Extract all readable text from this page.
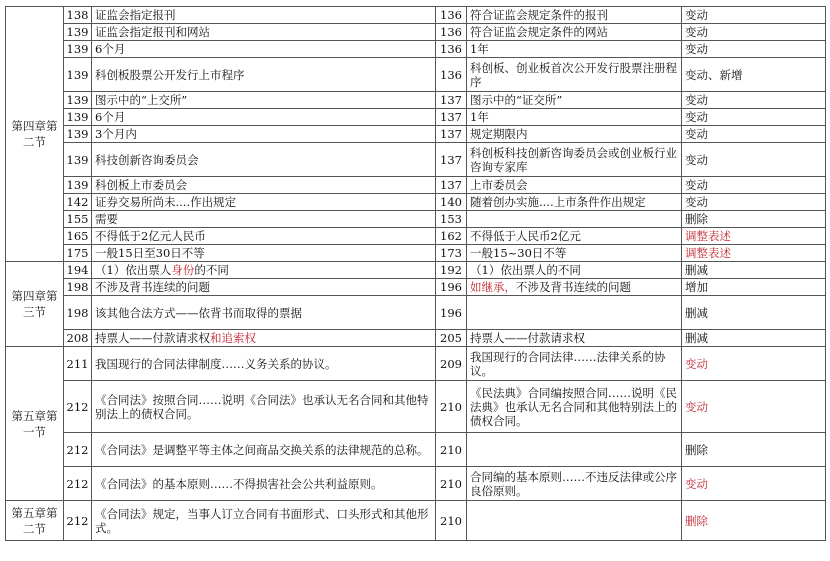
第四章第二节	138	证监会指定报刊	136	符合证监会规定条件的报刊	变动
	139	证监会指定报刊和网站	136	符合证监会规定条件的网站	变动
	139	6个月	136	1年	变动
	139	科创板股票公开发行上市程序	136	科创板、创业板首次公开发行股票注册程序	变动、新增
	139	图示中的“上交所”	137	图示中的“证交所”	变动
	139	6个月	137	1年	变动
	139	3个月内	137	规定期限内	变动
	139	科技创新咨询委员会	137	科创板科技创新咨询委员会或创业板行业咨询专家库	变动
	139	科创板上市委员会	137	上市委员会	变动
	142	证券交易所尚未....作出规定	140	随着创办实施....上市条件作出规定	变动
	155	需要	153		删除
	165	不得低于2亿元人民币	162	不得低于人民币2亿元	调整表述
	175	一般15日至30日不等	173	一般15~30日不等	调整表述
第四章第三节	194	（1）依出票人身份的不同	192	（1）依出票人的不同	删减
	198	不涉及背书连续的问题	196	如继承，不涉及背书连续的问题	增加
	198	该其他合法方式——依背书而取得的票据	196		删减
	208	持票人——付款请求权和追索权	205	持票人——付款请求权	删减
第五章第一节	211	我国现行的合同法律制度……义务关系的协议。	209	我国现行的合同法律……法律关系的协议。	变动
	212	《合同法》按照合同……说明《合同法》也承认无名合同和其他特别法上的债权合同。	210	《民法典》合同编按照合同……说明《民法典》也承认无名合同和其他特别法上的债权合同。	变动
	212	《合同法》是调整平等主体之间商品交换关系的法律规范的总称。	210		删除
	212	《合同法》的基本原则……不得损害社会公共利益原则。	210	合同编的基本原则……不违反法律或公序良俗原则。	变动
第五章第二节	212	《合同法》规定，当事人订立合同有书面形式、口头形式和其他形式。	210		删除
